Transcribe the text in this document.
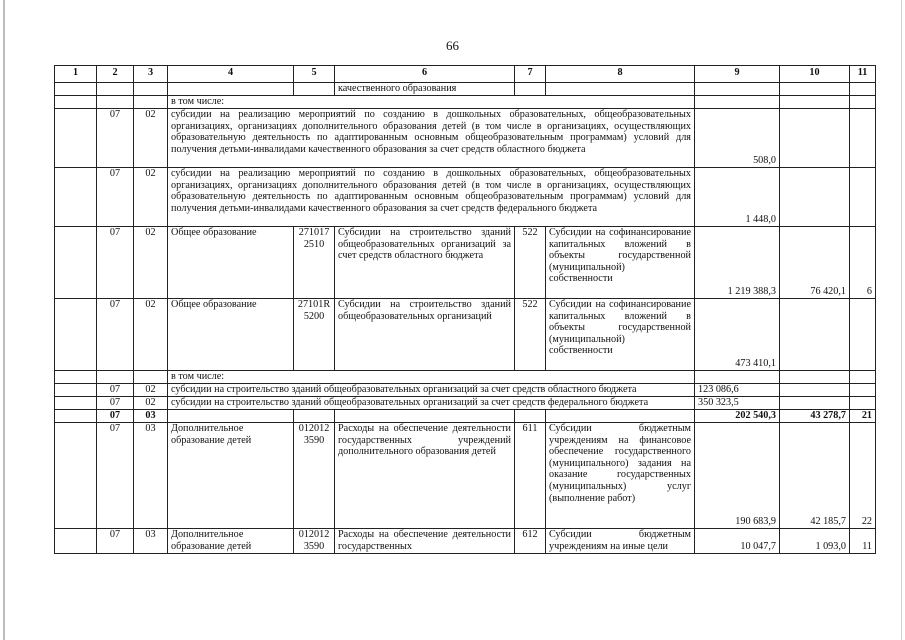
66
1	2	3	4	5	6	7	8	9	10	11
					качественного образования					
			в том числе:							
	07	02	субсидии на реализацию мероприятий по созданию в дошкольных образовательных, общеобразовательных организациях, организациях дополнительного образования детей (в том числе в организациях, осуществляющих образовательную деятельность по адаптированным основным общеобразовательным программам) условий для получения детьми-инвалидами качественного образования за счет средств областного бюджета					508,0		
	07	02	субсидии на реализацию мероприятий по созданию в дошкольных образовательных, общеобразовательных организациях, организациях дополнительного образования детей (в том числе в организациях, осуществляющих образовательную деятельность по адаптированным основным общеобразовательным программам) условий для получения детьми-инвалидами качественного образования за счет средств федерального бюджета					1 448,0		
	07	02	Общее образование	271017 2510	Субсидии на строительство зданий общеобразовательных организаций за счет средств областного бюджета	522	Субсидии на софинансирование капитальных вложений в объекты государственной (муниципальной) собственности	1 219 388,3	76 420,1	6
	07	02	Общее образование	27101R 5200	Субсидии на строительство зданий общеобразовательных организаций	522	Субсидии на софинансирование капитальных вложений в объекты государственной (муниципальной) собственности	473 410,1		
			в том числе:							
	07	02	субсидии на строительство зданий общеобразовательных организаций за счет средств областного бюджета					123 086,6		
	07	02	субсидии на строительство зданий общеобразовательных организаций за счет средств федерального бюджета					350 323,5		
	07	03						202 540,3	43 278,7	21
	07	03	Дополнительное образование детей	012012 3590	Расходы на обеспечение деятельности государственных учреждений дополнительного образования детей	611	Субсидии бюджетным учреждениям на финансовое обеспечение государственного (муниципального) задания на оказание государственных (муниципальных) услуг (выполнение работ)	190 683,9	42 185,7	22
	07	03	Дополнительное образование детей	012012 3590	Расходы на обеспечение деятельности государственных	612	Субсидии бюджетным учреждениям на иные цели	10 047,7	1 093,0	11
